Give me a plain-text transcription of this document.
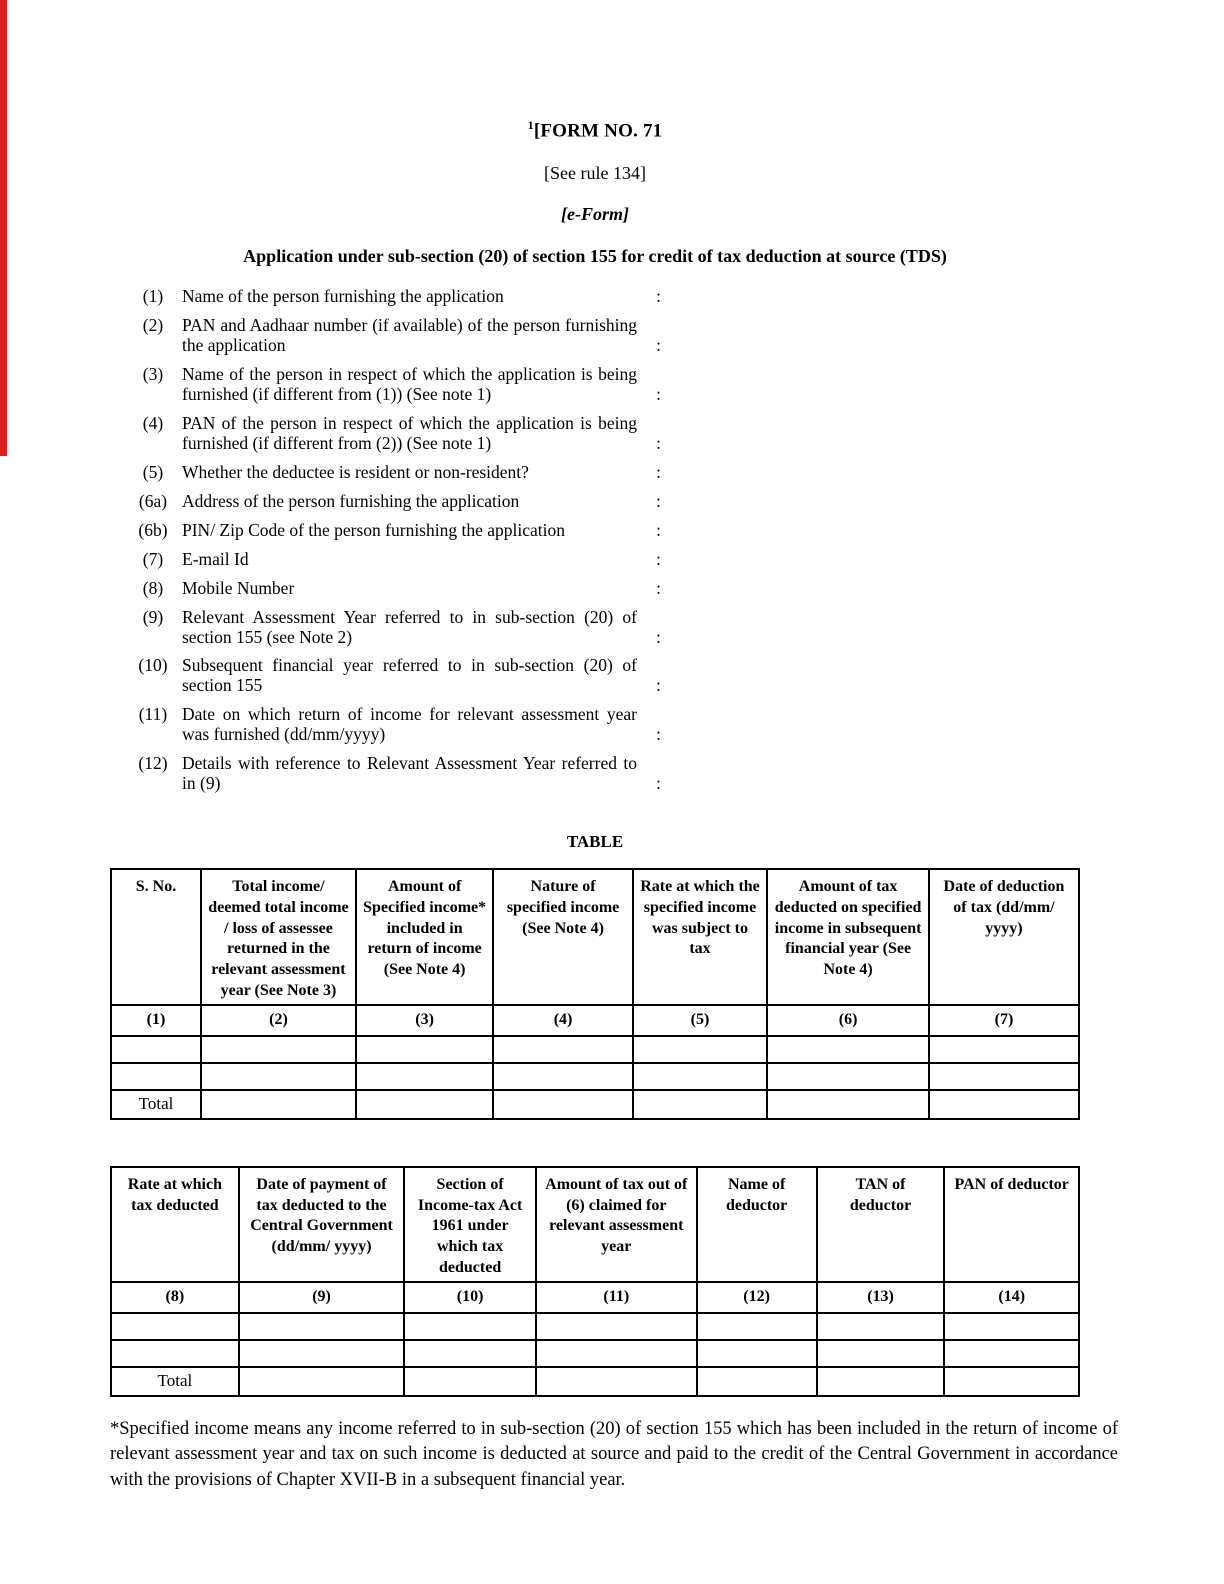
$^1$[FORM NO. 71
[See rule 134]
[e-Form]
Application under sub-section (20) of section 155 for credit of tax deduction at source (TDS)
(1)	Name of the person furnishing the application	:
(2)	PAN and Aadhaar number (if available) of the person furnishing the application	:
(3)	Name of the person in respect of which the application is being furnished (if different from (1)) (See note 1)	:
(4)	PAN of the person in respect of which the application is being furnished (if different from (2)) (See note 1)	:
(5)	Whether the deductee is resident or non-resident?	:
(6a) Address of the person furnishing the application	:
(6b) PIN/ Zip Code of the person furnishing the application	:
(7)	E-mail Id	:
(8)	Mobile Number	:
(9)	Relevant Assessment Year referred to in sub-section (20) of section 155 (see Note 2)	:
(10) Subsequent financial year referred to in sub-section (20) of section 155	:
(11) Date on which return of income for relevant assessment year was furnished (dd/mm/yyyy)	:
(12) Details with reference to Relevant Assessment Year referred to in (9)	:
TABLE
S. No.	Total income/ deemed total income / loss of assessee returned in the relevant assessment year (See Note 3)	Amount of Specified income* included in return of income (See Note 4)	Nature of specified income (See Note 4)	Rate at which the specified income was subject to tax	Amount of tax deducted on specified income in subsequent financial year (See Note 4)	Date of deduction of tax (dd/mm/ yyyy)
(1)	(2)	(3)	(4)	(5)	(6)	(7)

Total						
Rate at which tax deducted	Date of payment of tax deducted to the Central Government (dd/mm/ yyyy)	Section of Income-tax Act 1961 under which tax deducted	Amount of tax out of (6) claimed for relevant assessment year	Name of deductor	TAN of deductor	PAN of deductor
(8)	(9)	(10)	(11)	(12)	(13)	(14)

Total						
*Specified income means any income referred to in sub-section (20) of section 155 which has been included in the return of income of relevant assessment year and tax on such income is deducted at source and paid to the credit of the Central Government in accordance with the provisions of Chapter XVII-B in a subsequent financial year.
